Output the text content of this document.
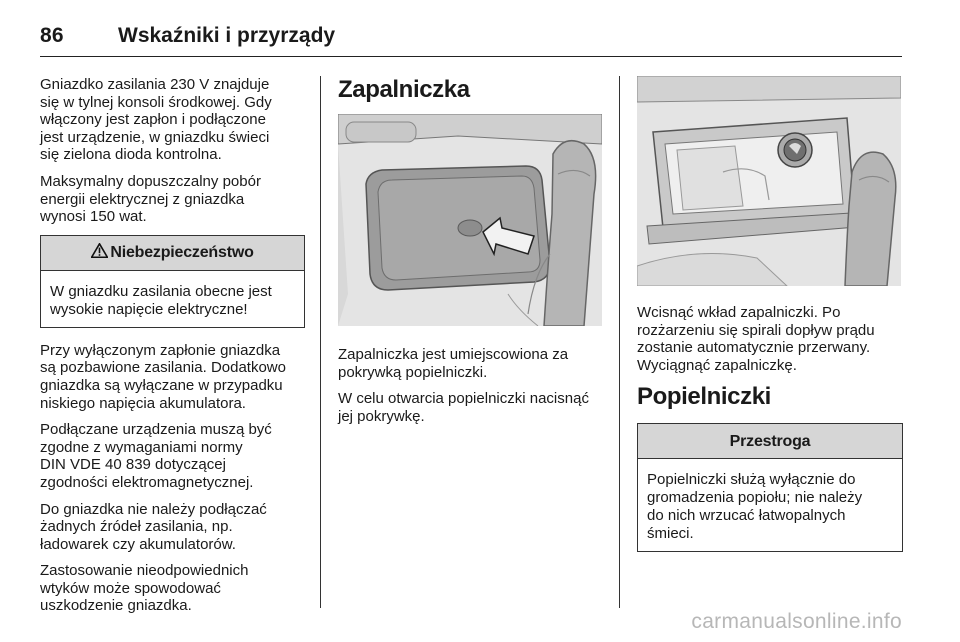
86	Wskaźniki i przyrządy

Gniazdko zasilania 230 V znajduje
się w tylnej konsoli środkowej. Gdy
włączony jest zapłon i podłączone
jest urządzenie, w gniazdku świeci
się zielona dioda kontrolna.

Maksymalny dopuszczalny pobór
energii elektrycznej z gniazdka
wynosi 150 wat.

Niebezpieczeństwo
W gniazdku zasilania obecne jest
wysokie napięcie elektryczne!

Przy wyłączonym zapłonie gniazdka
są pozbawione zasilania. Dodatkowo
gniazdka są wyłączane w przypadku
niskiego napięcia akumulatora.

Podłączane urządzenia muszą być
zgodne z wymaganiami normy
DIN VDE 40 839 dotyczącej
zgodności elektromagnetycznej.

Do gniazdka nie należy podłączać
żadnych źródeł zasilania, np.
ładowarek czy akumulatorów.

Zastosowanie nieodpowiednich
wtyków może spowodować
uszkodzenie gniazdka.

Zapalniczka

Zapalniczka jest umiejscowiona za
pokrywką popielniczki.

W celu otwarcia popielniczki nacisnąć
jej pokrywkę.

Wcisnąć wkład zapalniczki. Po
rozżarzeniu się spirali dopływ prądu
zostanie automatycznie przerwany.
Wyciągnąć zapalniczkę.

Popielniczki
Przestroga
Popielniczki służą wyłącznie do
gromadzenia popiołu; nie należy
do nich wrzucać łatwopalnych
śmieci.
carmanualsonline.info
